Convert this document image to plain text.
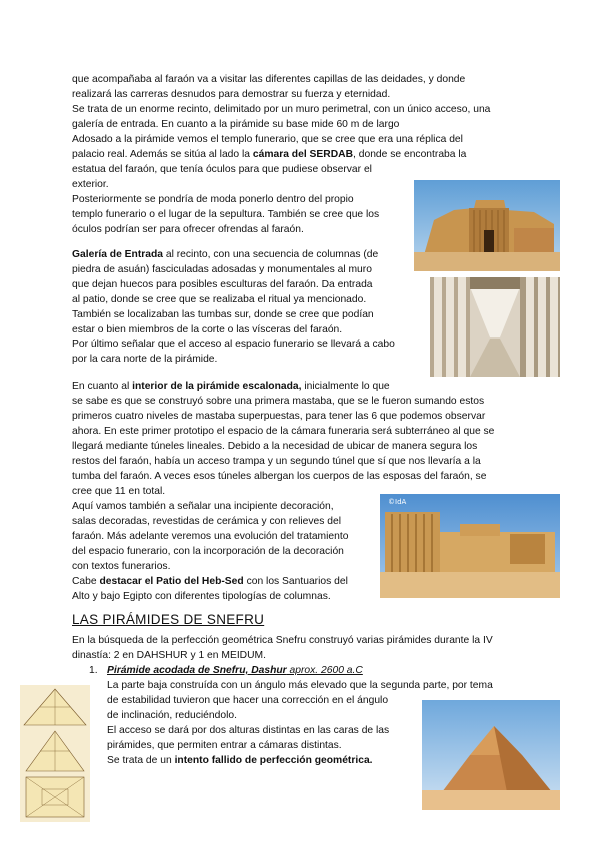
que acompañaba al faraón va a visitar las diferentes capillas de las deidades, y donde
realizará las carreras desnudos para demostrar su fuerza y eternidad.
Se trata de un enorme recinto, delimitado por un muro perimetral, con un único acceso, una
galería de entrada. En cuanto a la pirámide su base mide 60 m de largo
Adosado a la pirámide vemos el templo funerario, que se cree que era una réplica del
palacio real. Además se sitúa al lado la cámara del SERDAB, donde se encontraba la
estatua del faraón, que tenía óculos para que pudiese observar el
exterior.
Posteriormente se pondría de moda ponerlo dentro del propio
templo funerario o el lugar de la sepultura. También se cree que los
óculos podrían ser para ofrecer ofrendas al faraón.
Galería de Entrada al recinto, con una secuencia de columnas (de
piedra de asuán) fasciculadas adosadas y monumentales al muro
que dejan huecos para posibles esculturas del faraón. Da entrada
al patio, donde se cree que se realizaba el ritual ya mencionado.
También se localizaban las tumbas sur, donde se cree que podían
estar o bien miembros de la corte o las vísceras del faraón.
Por último señalar que el acceso al espacio funerario se llevará a cabo
por la cara norte de la pirámide.
En cuanto al interior de la pirámide escalonada, inicialmente lo que
se sabe es que se construyó sobre una primera mastaba, que se le fueron sumando estos
primeros cuatro niveles de mastaba superpuestas, para tener las 6 que podemos observar
ahora. En este primer prototipo el espacio de la cámara funeraria será subterráneo al que se
llegará mediante túneles lineales. Debido a la necesidad de ubicar de manera segura los
restos del faraón, había un acceso trampa y un segundo túnel que sí que nos llevaría a la
tumba del faraón. A veces esos túneles albergan los cuerpos de las esposas del faraón, se
cree que 11 en total.
Aquí vamos también a señalar una incipiente decoración,
salas decoradas, revestidas de cerámica y con relieves del
faraón. Más adelante veremos una evolución del tratamiento
del espacio funerario, con la incorporación de la decoración
con textos funerarios.
Cabe destacar el Patio del Heb-Sed con los Santuarios del
Alto y bajo Egipto con diferentes tipologías de columnas.
LAS PIRÁMIDES DE SNEFRU
En la búsqueda de la perfección geométrica Snefru construyó varias pirámides durante la IV
dinastía: 2 en DAHSHUR y 1 en MEIDUM.
1. Pirámide acodada de Snefru, Dashur aprox. 2600 a.C
La parte baja construída con un ángulo más elevado que la segunda parte, por tema
de estabilidad tuvieron que hacer una corrección en el ángulo
de inclinación, reduciéndolo.
El acceso se dará por dos alturas distintas en las caras de las
pirámides, que permiten entrar a cámaras distintas.
Se trata de un intento fallido de perfección geométrica.
©IdA
